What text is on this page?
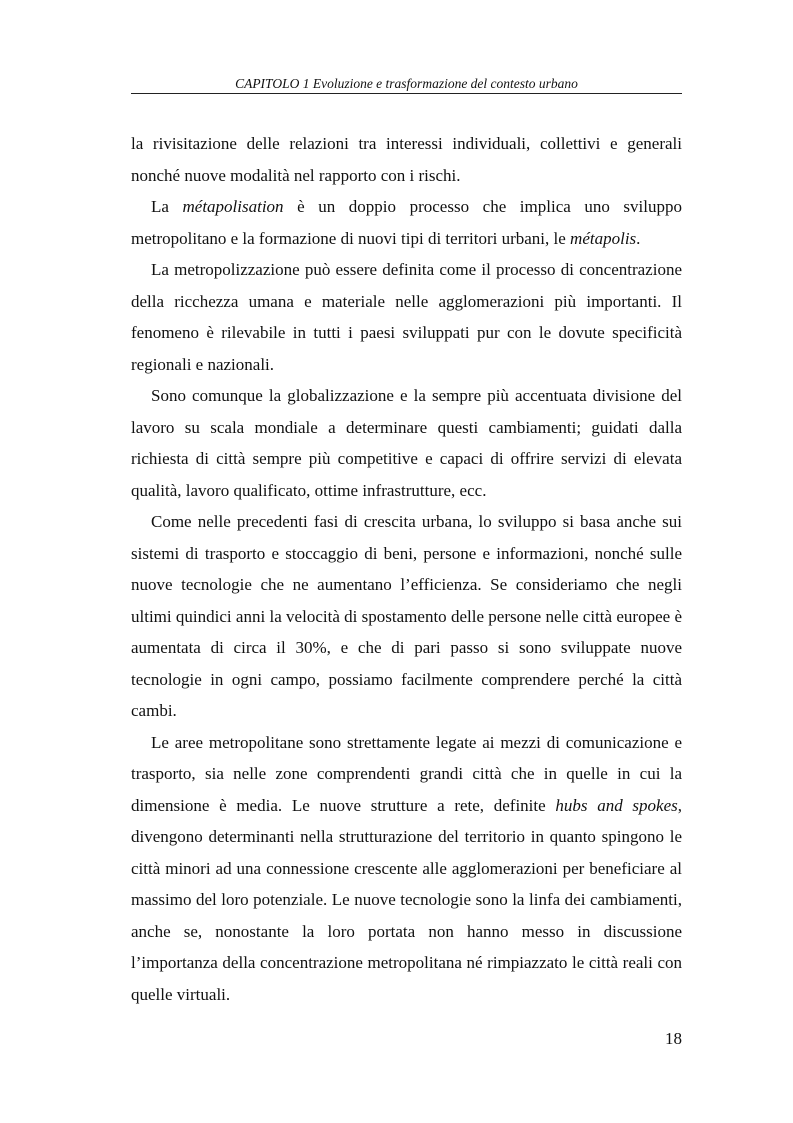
CAPITOLO 1 Evoluzione e trasformazione del contesto urbano

la rivisitazione delle relazioni tra interessi individuali, collettivi e generali nonché nuove modalità nel rapporto con i rischi.

La métapolisation è un doppio processo che implica uno sviluppo metropolitano e la formazione di nuovi tipi di territori urbani, le métapolis.

La metropolizzazione può essere definita come il processo di concentrazione della ricchezza umana e materiale nelle agglomerazioni più importanti. Il fenomeno è rilevabile in tutti i paesi sviluppati pur con le dovute specificità regionali e nazionali.

Sono comunque la globalizzazione e la sempre più accentuata divisione del lavoro su scala mondiale a determinare questi cambiamenti; guidati dalla richiesta di città sempre più competitive e capaci di offrire servizi di elevata qualità, lavoro qualificato, ottime infrastrutture, ecc.

Come nelle precedenti fasi di crescita urbana, lo sviluppo si basa anche sui sistemi di trasporto e stoccaggio di beni, persone e informazioni, nonché sulle nuove tecnologie che ne aumentano l’efficienza. Se consideriamo che negli ultimi quindici anni la velocità di spostamento delle persone nelle città europee è aumentata di circa il 30%, e che di pari passo si sono sviluppate nuove tecnologie in ogni campo, possiamo facilmente comprendere perché la città cambi.

Le aree metropolitane sono strettamente legate ai mezzi di comunicazione e trasporto, sia nelle zone comprendenti grandi città che in quelle in cui la dimensione è media. Le nuove strutture a rete, definite hubs and spokes, divengono determinanti nella strutturazione del territorio in quanto spingono le città minori ad una connessione crescente alle agglomerazioni per beneficiare al massimo del loro potenziale. Le nuove tecnologie sono la linfa dei cambiamenti, anche se, nonostante la loro portata non hanno messo in discussione l’importanza della concentrazione metropolitana né rimpiazzato le città reali con quelle virtuali.

18
